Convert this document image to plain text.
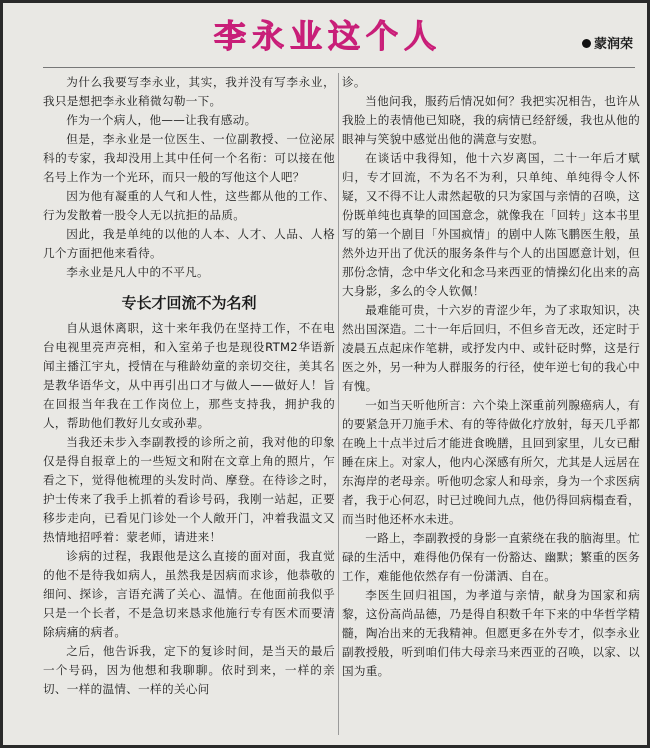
李永业这个人	蒙润荣

为什么我要写李永业，其实，我并没有写李永业，我只是想把李永业稍微勾勒一下。

作为一个病人，他——让我有感动。

但是，李永业是一位医生、一位副教授、一位泌尿科的专家，我却没用上其中任何一个名衔：可以接在他名号上作为一个光环，而只一般的写他这个人吧？

因为他有凝重的人气和人性，这些都从他的工作、行为发散着一股令人无以抗拒的品质。

因此，我是单纯的以他的人本、人才、人品、人格几个方面把他来看待。

李永业是凡人中的不平凡。

专长才回流不为名利

自从退休离职，这十来年我仍在坚持工作，不在电台电视里亮声亮相，和入室弟子也是现役RTM2华语新闻主播江宇丸，授情在与稚龄幼童的亲切交往，美其名是教华语华文，从中再引出口才与做人——做好人！旨在回报当年我在工作岗位上，那些支持我，拥护我的人，帮助他们教好儿女或孙辈。

当我还未步入李副教授的诊所之前，我对他的印象仅是得自报章上的一些短文和附在文章上角的照片，乍看之下，觉得他梳理的头发时尚、摩登。在待诊之时，护士传来了我手上抓着的看诊号码，我刚一站起，正要移步走向，已看见门诊处一个人敞开门，冲着我温文又热情地招呼着：蒙老师，请进来！

诊病的过程，我跟他是这么直接的面对面，我直觉的他不是待我如病人，虽然我是因病而求诊，他恭敬的细问、探诊，言语充满了关心、温情。在他面前我似乎只是一个长者，不是急切来恳求他施行专有医术而要清除病痛的病者。

之后，他告诉我，定下的复诊时间，是当天的最后一个号码，因为他想和我聊聊。依时到来，一样的亲切、一样的温情、一样的关心问

诊。

当他问我，服药后情况如何？我把实况相告，也许从我脸上的表情他已知晓，我的病情已经舒缓，我也从他的眼神与笑貌中感觉出他的满意与安慰。

在谈话中我得知，他十六岁离国，二十一年后才赋归，专才回流，不为名不为利，只单纯、单纯得令人怀疑，又不得不让人肃然起敬的只为家国与亲情的召唤，这份既单纯也真挚的回国意念，就像我在「回转」这本书里写的第一个剧目「外国疯情」的剧中人陈飞鹏医生般，虽然外边开出了优沃的服务条件与个人的出国愿意计划，但那份念情，念中华文化和念马来西亚的情操幻化出来的高大身影，多么的令人钦佩！

最难能可贵，十六岁的青涩少年，为了求取知识，决然出国深造。二十一年后回归，不但乡音无改，还定时于凌晨五点起床作笔耕，或抒发内中、或针砭时弊，这是行医之外，另一种为人群服务的行径，使年逆七旬的我心中有愧。

一如当天听他所言：六个染上深重前列腺癌病人，有的要紧急开刀施手术、有的等待做化疗放射，每天几乎都在晚上十点半过后才能进食晚膳，且回到家里，儿女已酣睡在床上。对家人，他内心深感有所欠，尤其是人远居在东海岸的老母亲。听他叨念家人和母亲，身为一个求医病者，我于心何忍，时已过晚间九点，他仍得回病榻查看，而当时他还杯水未进。

一路上，李副教授的身影一直萦绕在我的脑海里。忙碌的生活中，难得他仍保有一份豁达、幽默；繁重的医务工作，难能他依然存有一份潇洒、自在。

李医生回归祖国，为孝道与亲情，献身为国家和病黎，这份高尚品德，乃是得自积数千年下来的中华哲学精髓，陶冶出来的无我精神。但愿更多在外专才，似李永业副教授般，听到咱们伟大母亲马来西亚的召唤，以家、以国为重。
